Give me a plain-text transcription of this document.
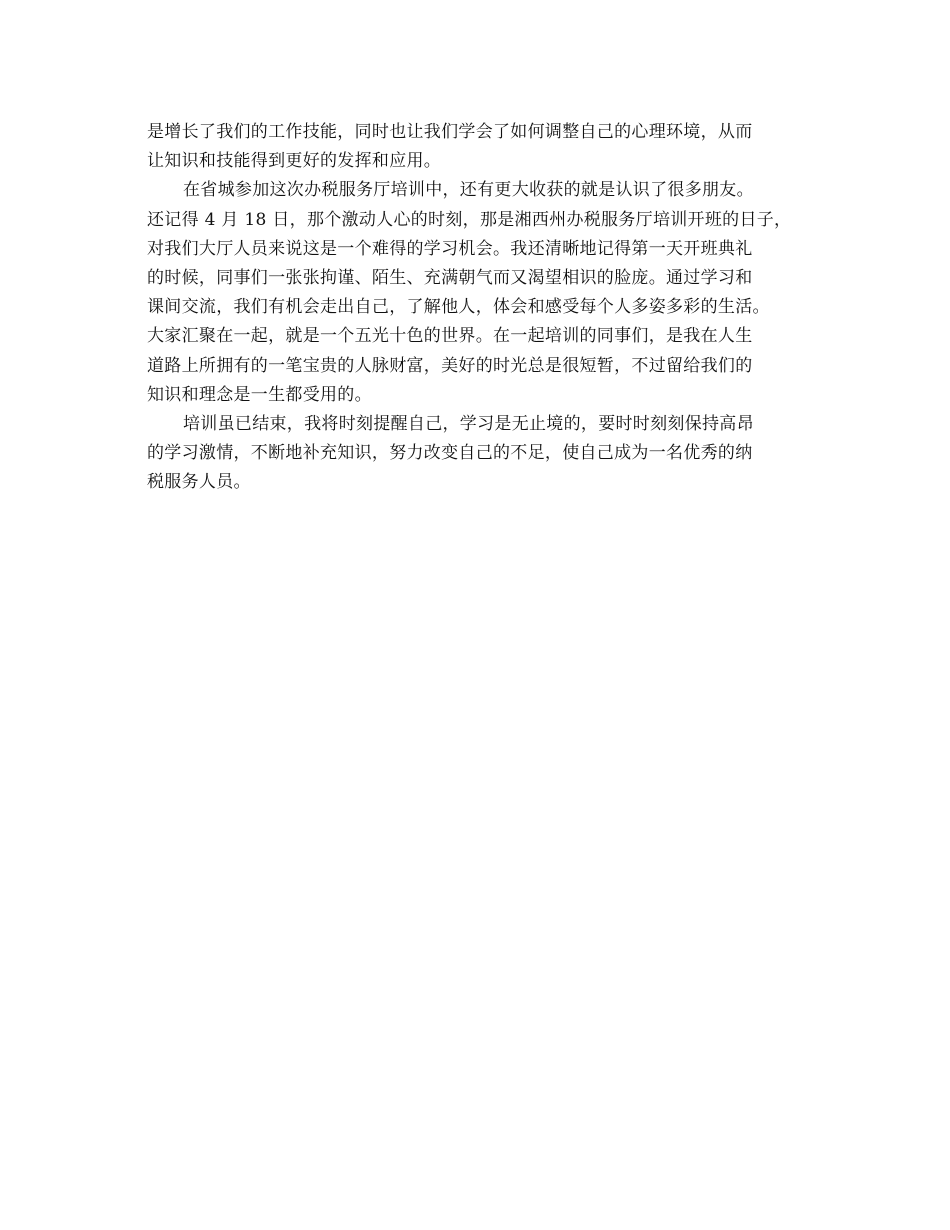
是增长了我们的工作技能，同时也让我们学会了如何调整自己的心理环境，从而
让知识和技能得到更好的发挥和应用。

在省城参加这次办税服务厅培训中，还有更大收获的就是认识了很多朋友。
还记得 4 月 18 日，那个激动人心的时刻，那是湘西州办税服务厅培训开班的日子，
对我们大厅人员来说这是一个难得的学习机会。我还清晰地记得第一天开班典礼
的时候，同事们一张张拘谨、陌生、充满朝气而又渴望相识的脸庞。通过学习和
课间交流，我们有机会走出自己，了解他人，体会和感受每个人多姿多彩的生活。
大家汇聚在一起，就是一个五光十色的世界。在一起培训的同事们，是我在人生
道路上所拥有的一笔宝贵的人脉财富，美好的时光总是很短暂，不过留给我们的
知识和理念是一生都受用的。

培训虽已结束，我将时刻提醒自己，学习是无止境的，要时时刻刻保持高昂
的学习激情，不断地补充知识，努力改变自己的不足，使自己成为一名优秀的纳
税服务人员。
